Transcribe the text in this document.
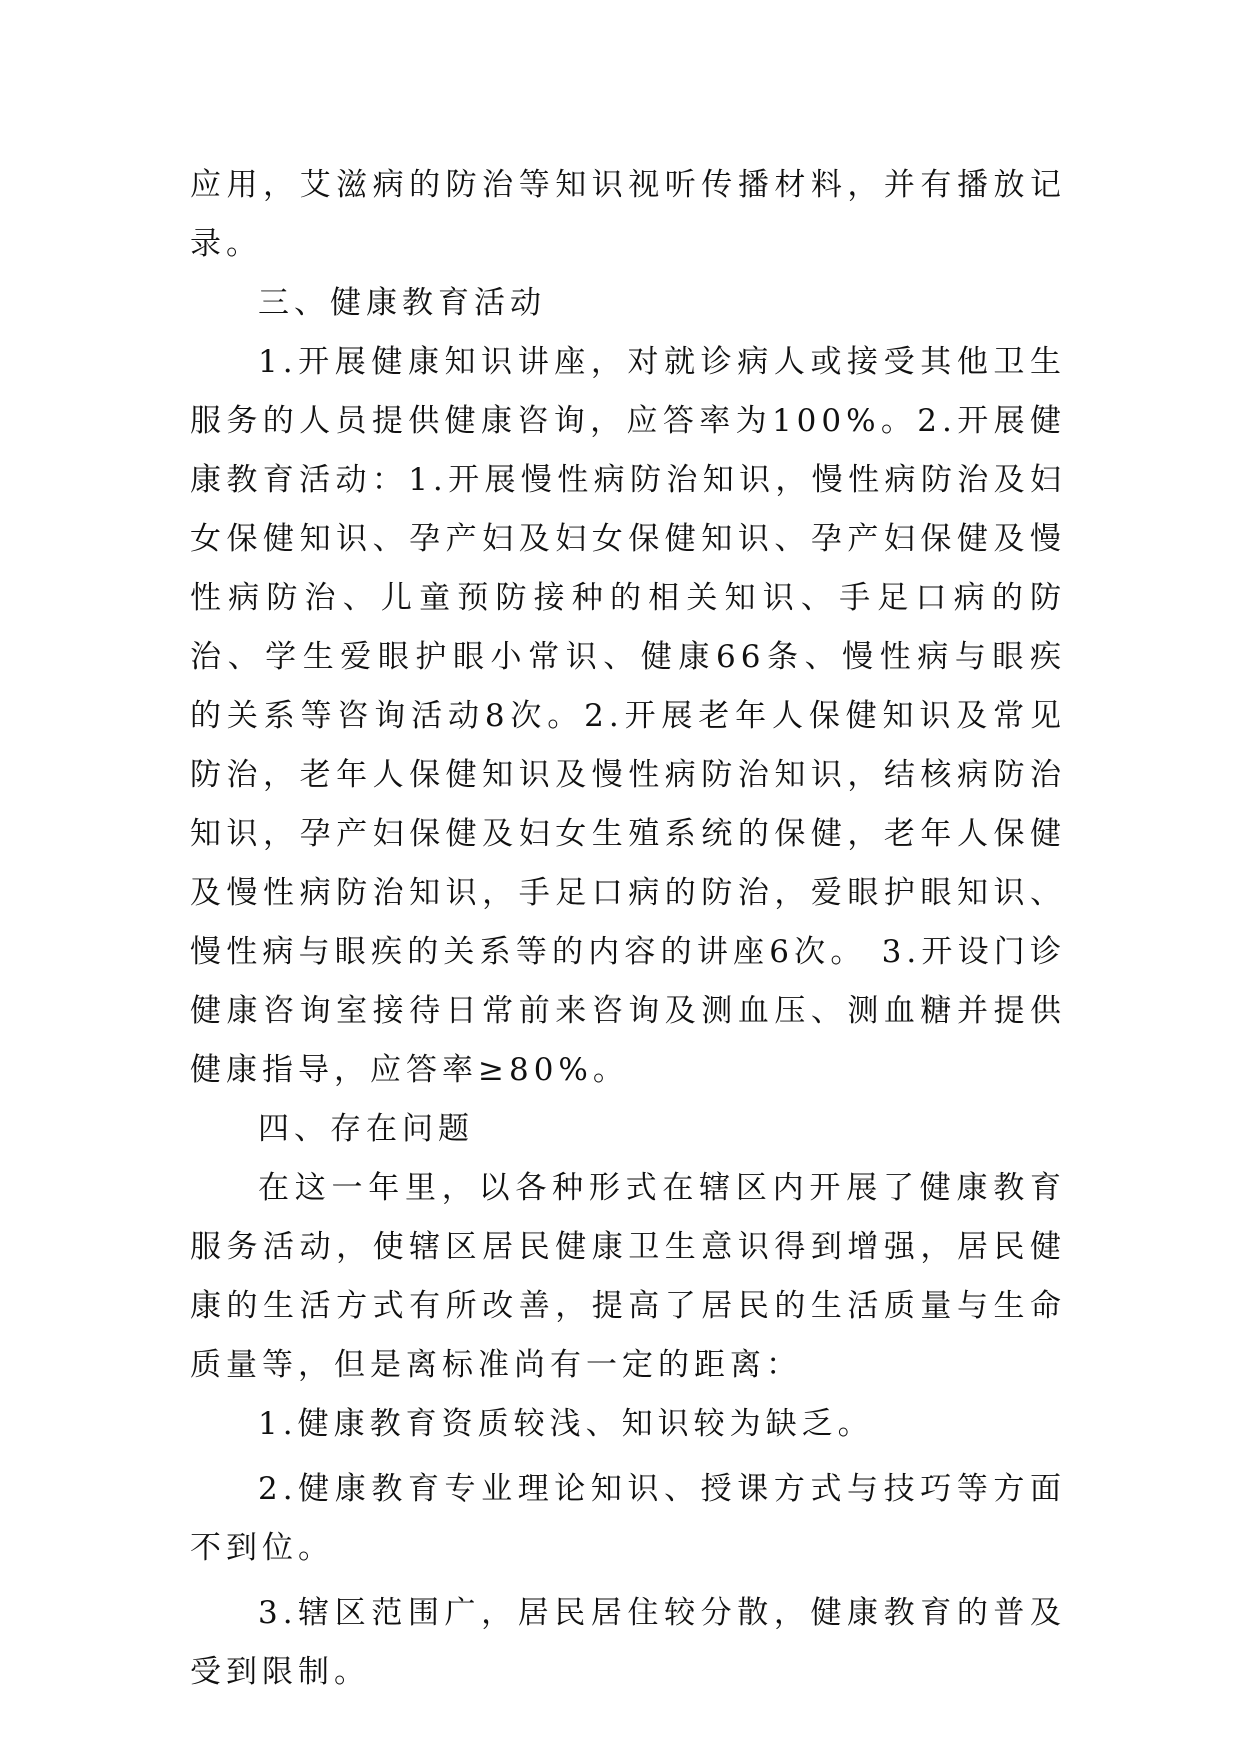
应用，艾滋病的防治等知识视听传播材料，并有播放记录。

三、健康教育活动

1.开展健康知识讲座，对就诊病人或接受其他卫生服务的人员提供健康咨询，应答率为100%。2.开展健康教育活动：1.开展慢性病防治知识，慢性病防治及妇女保健知识、孕产妇及妇女保健知识、孕产妇保健及慢性病防治、儿童预防接种的相关知识、手足口病的防治、学生爱眼护眼小常识、健康66条、慢性病与眼疾的关系等咨询活动8次。2.开展老年人保健知识及常见防治，老年人保健知识及慢性病防治知识，结核病防治知识，孕产妇保健及妇女生殖系统的保健，老年人保健及慢性病防治知识，手足口病的防治，爱眼护眼知识、慢性病与眼疾的关系等的内容的讲座6次。 3.开设门诊健康咨询室接待日常前来咨询及测血压、测血糖并提供健康指导，应答率≥80%。

四、存在问题

在这一年里，以各种形式在辖区内开展了健康教育服务活动，使辖区居民健康卫生意识得到增强，居民健康的生活方式有所改善，提高了居民的生活质量与生命质量等，但是离标准尚有一定的距离：

1.健康教育资质较浅、知识较为缺乏。

2.健康教育专业理论知识、授课方式与技巧等方面不到位。

3.辖区范围广，居民居住较分散，健康教育的普及受到限制。
